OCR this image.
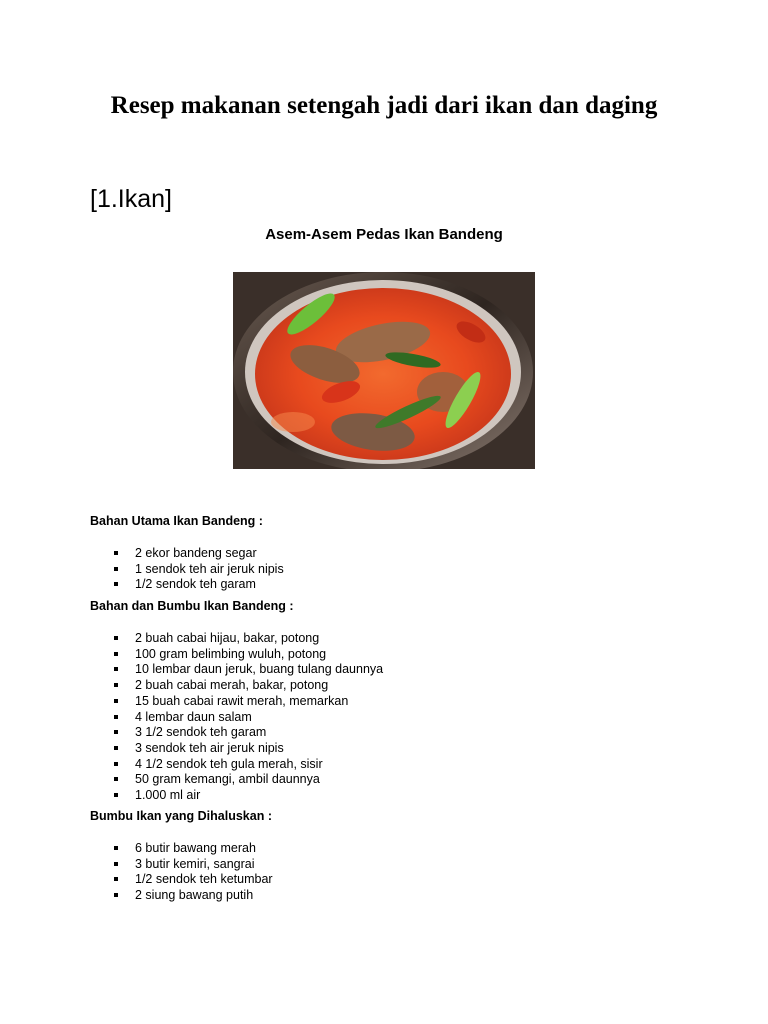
Resep makanan setengah jadi dari ikan dan daging
[1.Ikan]
Asem-Asem Pedas Ikan Bandeng

Bahan Utama Ikan Bandeng :

2 ekor bandeng segar
1 sendok teh air jeruk nipis
1/2 sendok teh garam

Bahan dan Bumbu Ikan Bandeng :

2 buah cabai hijau, bakar, potong
100 gram belimbing wuluh, potong
10 lembar daun jeruk, buang tulang daunnya
2 buah cabai merah, bakar, potong
15 buah cabai rawit merah, memarkan
4 lembar daun salam
3 1/2 sendok teh garam
3 sendok teh air jeruk nipis
4 1/2 sendok teh gula merah, sisir
50 gram kemangi, ambil daunnya
1.000 ml air

Bumbu Ikan yang Dihaluskan :

6 butir bawang merah
3 butir kemiri, sangrai
1/2 sendok teh ketumbar
2 siung bawang putih
